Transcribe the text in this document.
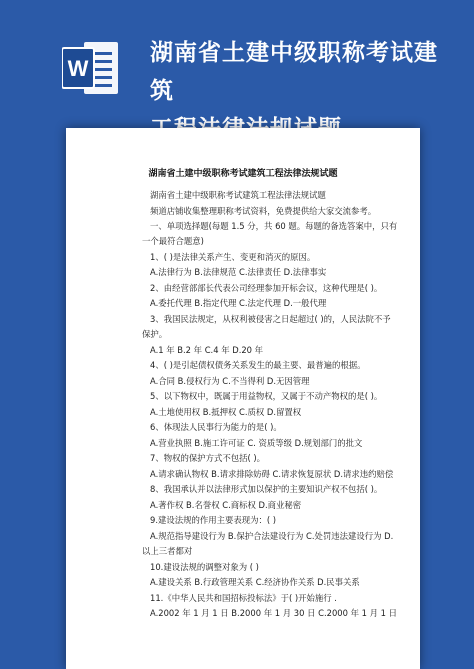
W
湖南省土建中级职称考试建筑
湖南省土建中级职称考试建筑工程法律法规试题
湖南省土建中级职称考试建筑工程法律法规试题
频道店铺收集整理职称考试资料，免费提供给大家交流参考。
一、单项选择题(每题 1.5 分，共 60 题。每题的备选答案中，只有
一个最符合题意)
1、( )是法律关系产生、变更和消灭的原因。
A.法律行为 B.法律规范 C.法律责任 D.法律事实
2、由经营部部长代表公司经理参加开标会议，这种代理是( )。
A.委托代理 B.指定代理 C.法定代理 D.一般代理
3、我国民法规定，从权利被侵害之日起超过( )的，人民法院不予
保护。
A.1 年 B.2 年 C.4 年 D.20 年
4、( )是引起债权债务关系发生的最主要、最普遍的根据。
A.合同 B.侵权行为 C.不当得利 D.无因管理
5、以下物权中，既属于用益物权，又属于不动产物权的是( )。
A.土地使用权 B.抵押权 C.质权 D.留置权
6、体现法人民事行为能力的是( )。
A.营业执照 B.施工许可证 C. 资质等级 D.规划部门的批文
7、物权的保护方式不包括( )。
A.请求确认物权 B.请求排除妨碍 C.请求恢复原状 D.请求违约赔偿
8、我国承认并以法律形式加以保护的主要知识产权不包括( )。
A.著作权 B.名誉权 C.商标权 D.商业秘密
9.建设法规的作用主要表现为：( )
A.规范指导建设行为 B.保护合法建设行为 C.处罚违法建设行为 D.
以上三者都对
10.建设法规的调整对象为 ( )
A.建设关系 B.行政管理关系 C.经济协作关系 D.民事关系
11.《中华人民共和国招标投标法》于( )开始施行 .
A.2002 年 1 月 1 日 B.2000 年 1 月 30 日 C.2000 年 1 月 1 日
